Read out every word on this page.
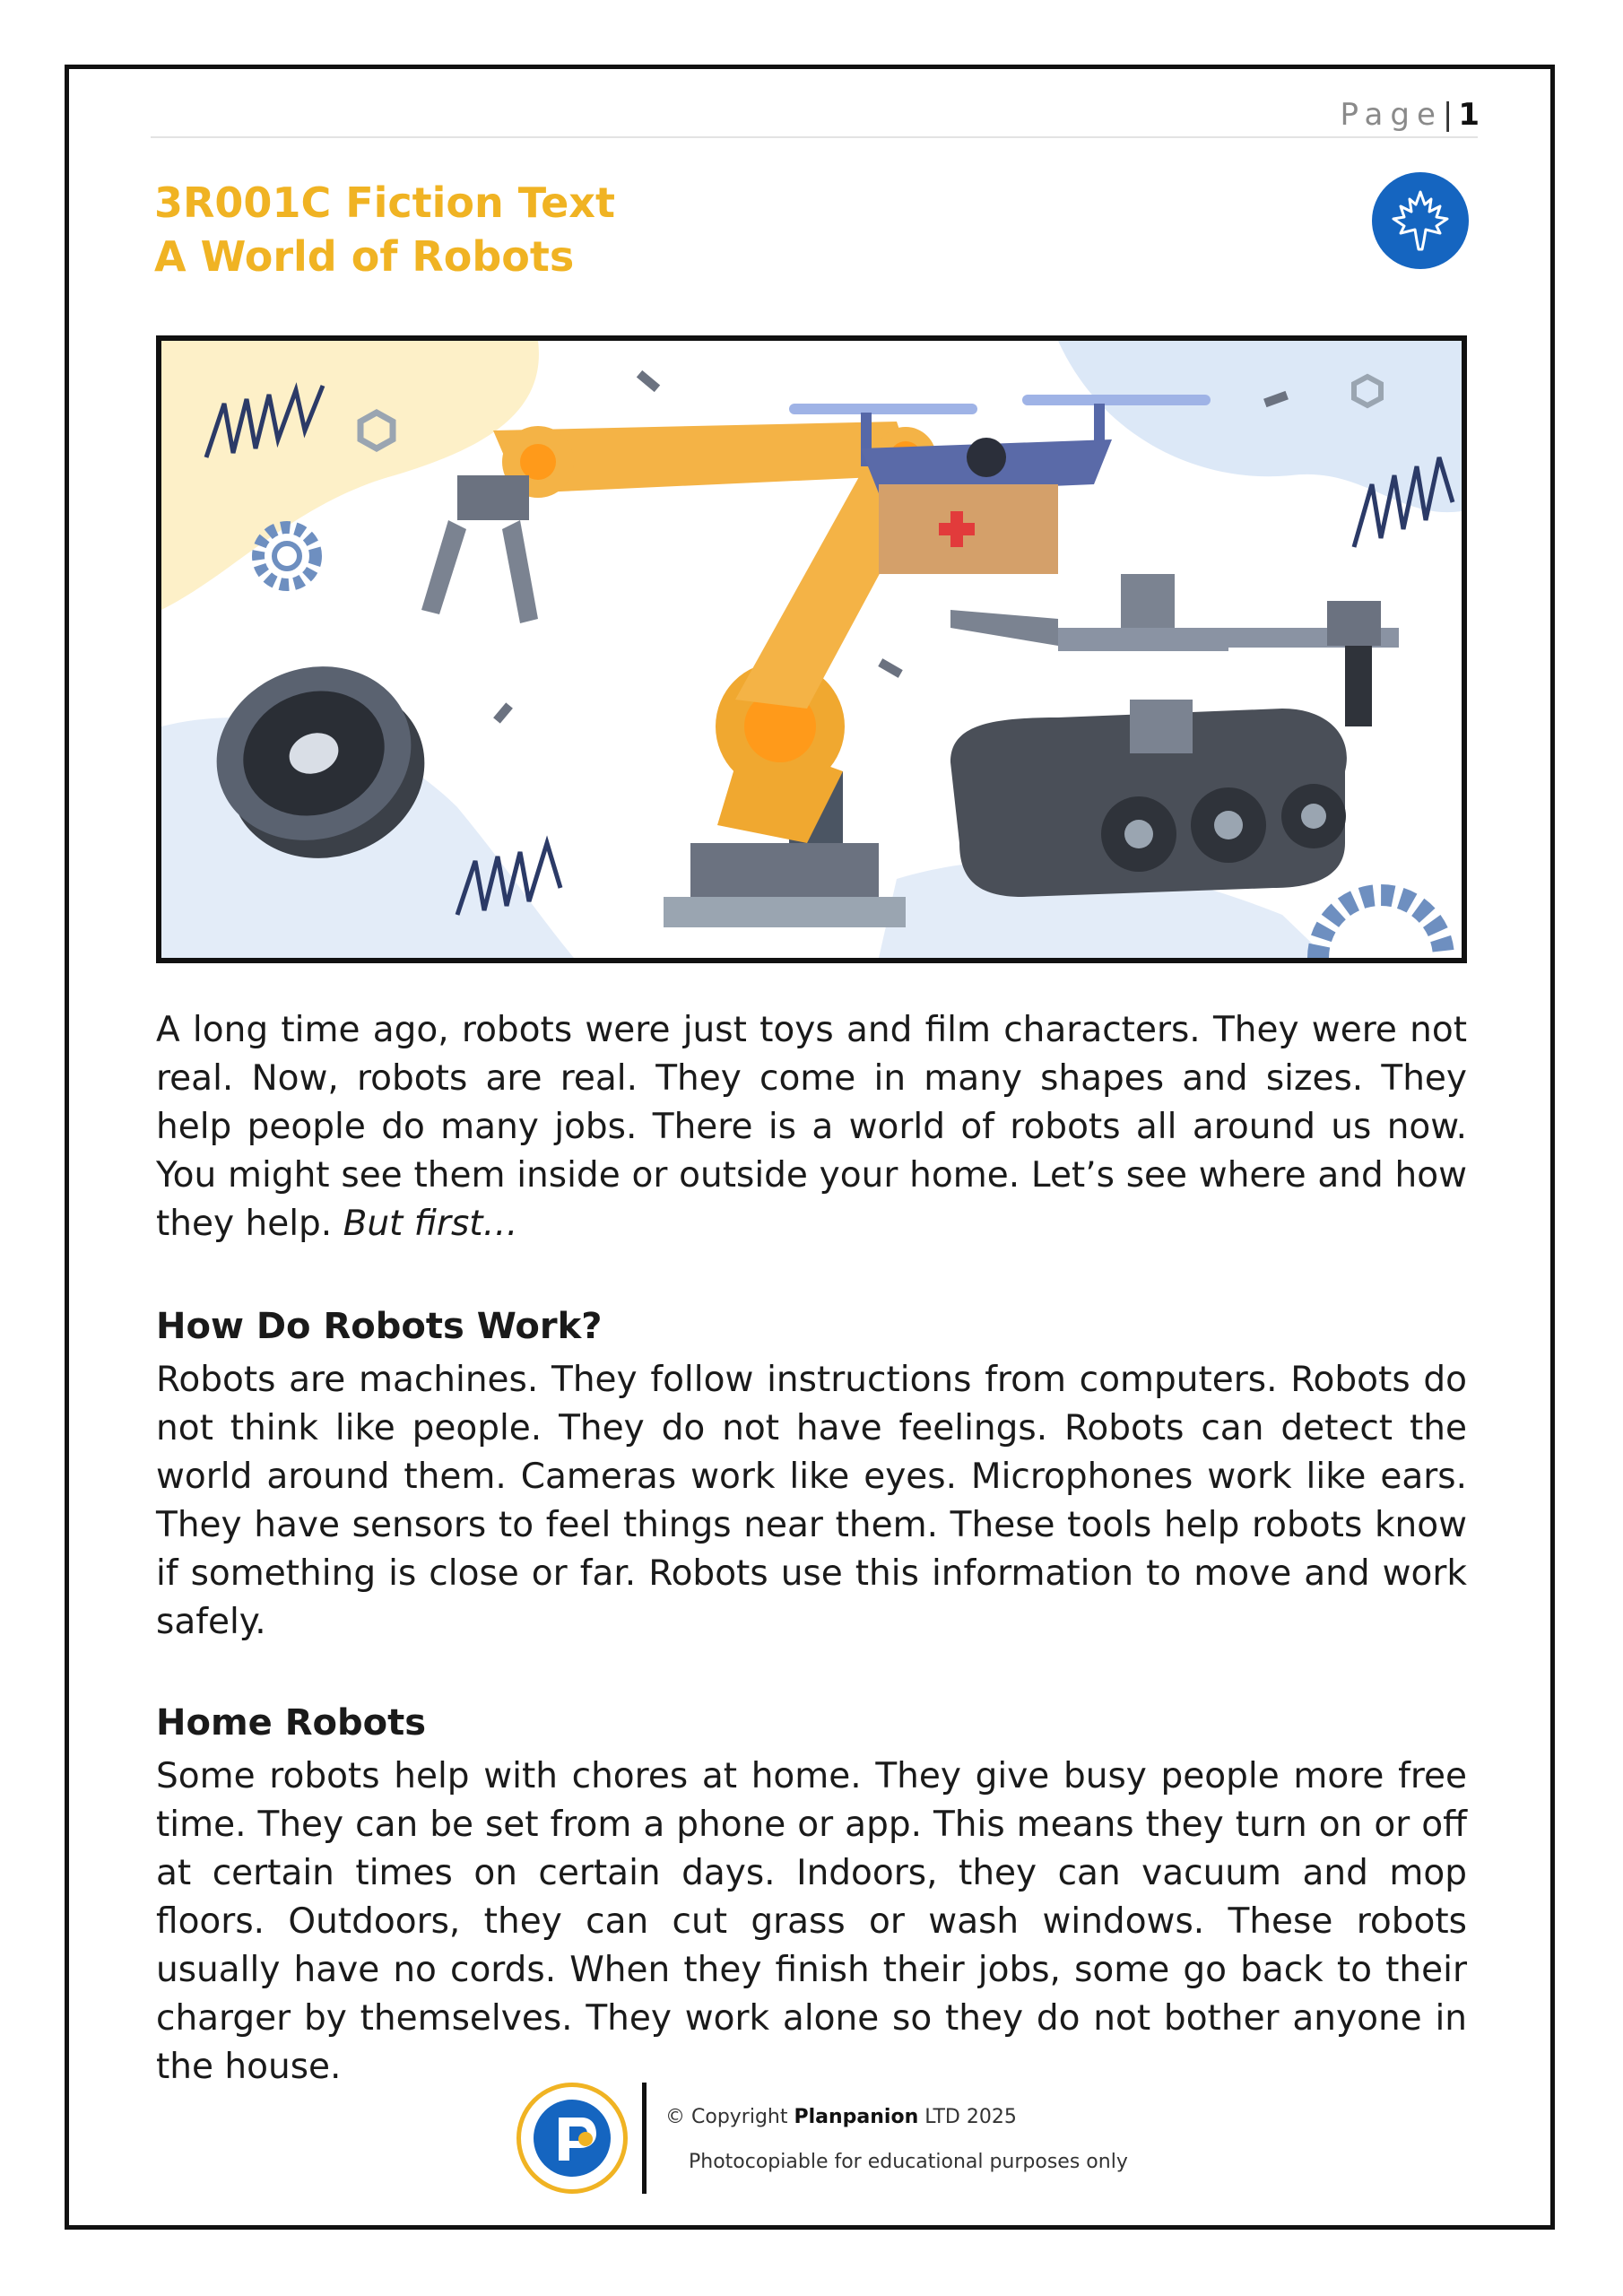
Page| 1
3R001C Fiction Text
A World of Robots

A long time ago, robots were just toys and film characters. They were not real. Now, robots are real. They come in many shapes and sizes. They help people do many jobs. There is a world of robots all around us now. You might see them inside or outside your home. Let’s see where and how they help. But first…

How Do Robots Work?

Robots are machines. They follow instructions from computers. Robots do not think like people. They do not have feelings. Robots can detect the world around them. Cameras work like eyes. Microphones work like ears. They have sensors to feel things near them. These tools help robots know if something is close or far. Robots use this information to move and work safely.

Home Robots

Some robots help with chores at home. They give busy people more free time. They can be set from a phone or app. This means they turn on or off at certain times on certain days. Indoors, they can vacuum and mop floors. Outdoors, they can cut grass or wash windows. These robots usually have no cords. When they finish their jobs, some go back to their charger by themselves. They work alone so they do not bother anyone in the house.

© Copyright Planpanion LTD 2025
Photocopiable for educational purposes only
